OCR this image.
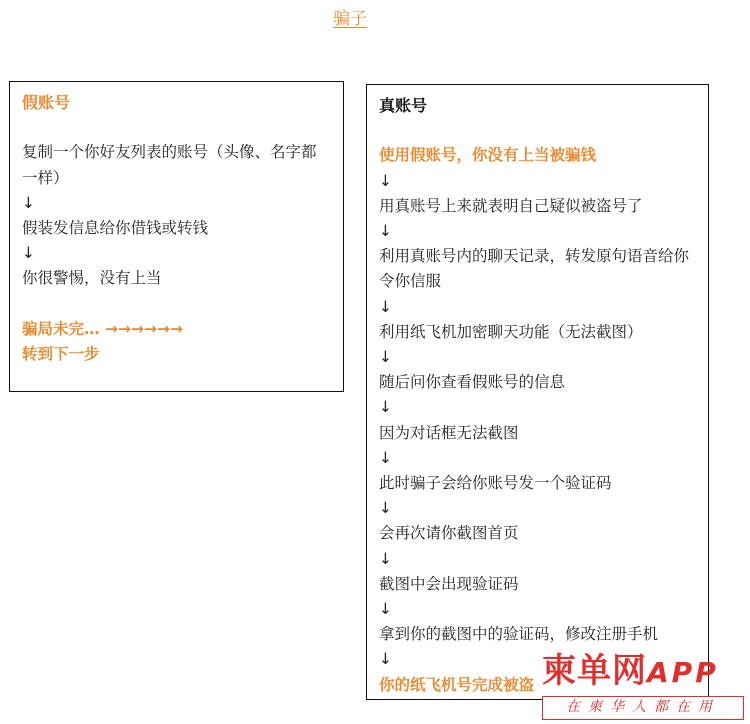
骗子
假账号
复制一个你好友列表的账号（头像、名字都一样）
↓
假装发信息给你借钱或转钱
↓
你很警惕，没有上当
骗局未完… →→→→→→
转到下一步
真账号
使用假账号，你没有上当被骗钱
↓
用真账号上来就表明自己疑似被盗号了
↓
利用真账号内的聊天记录，转发原句语音给你令你信服
↓
利用纸飞机加密聊天功能（无法截图）
↓
随后问你查看假账号的信息
↓
因为对话框无法截图
↓
此时骗子会给你账号发一个验证码
↓
会再次请你截图首页
↓
截图中会出现验证码
↓
拿到你的截图中的验证码，修改注册手机
↓
你的纸飞机号完成被盗 柬单网APP
在柬华人都在用
